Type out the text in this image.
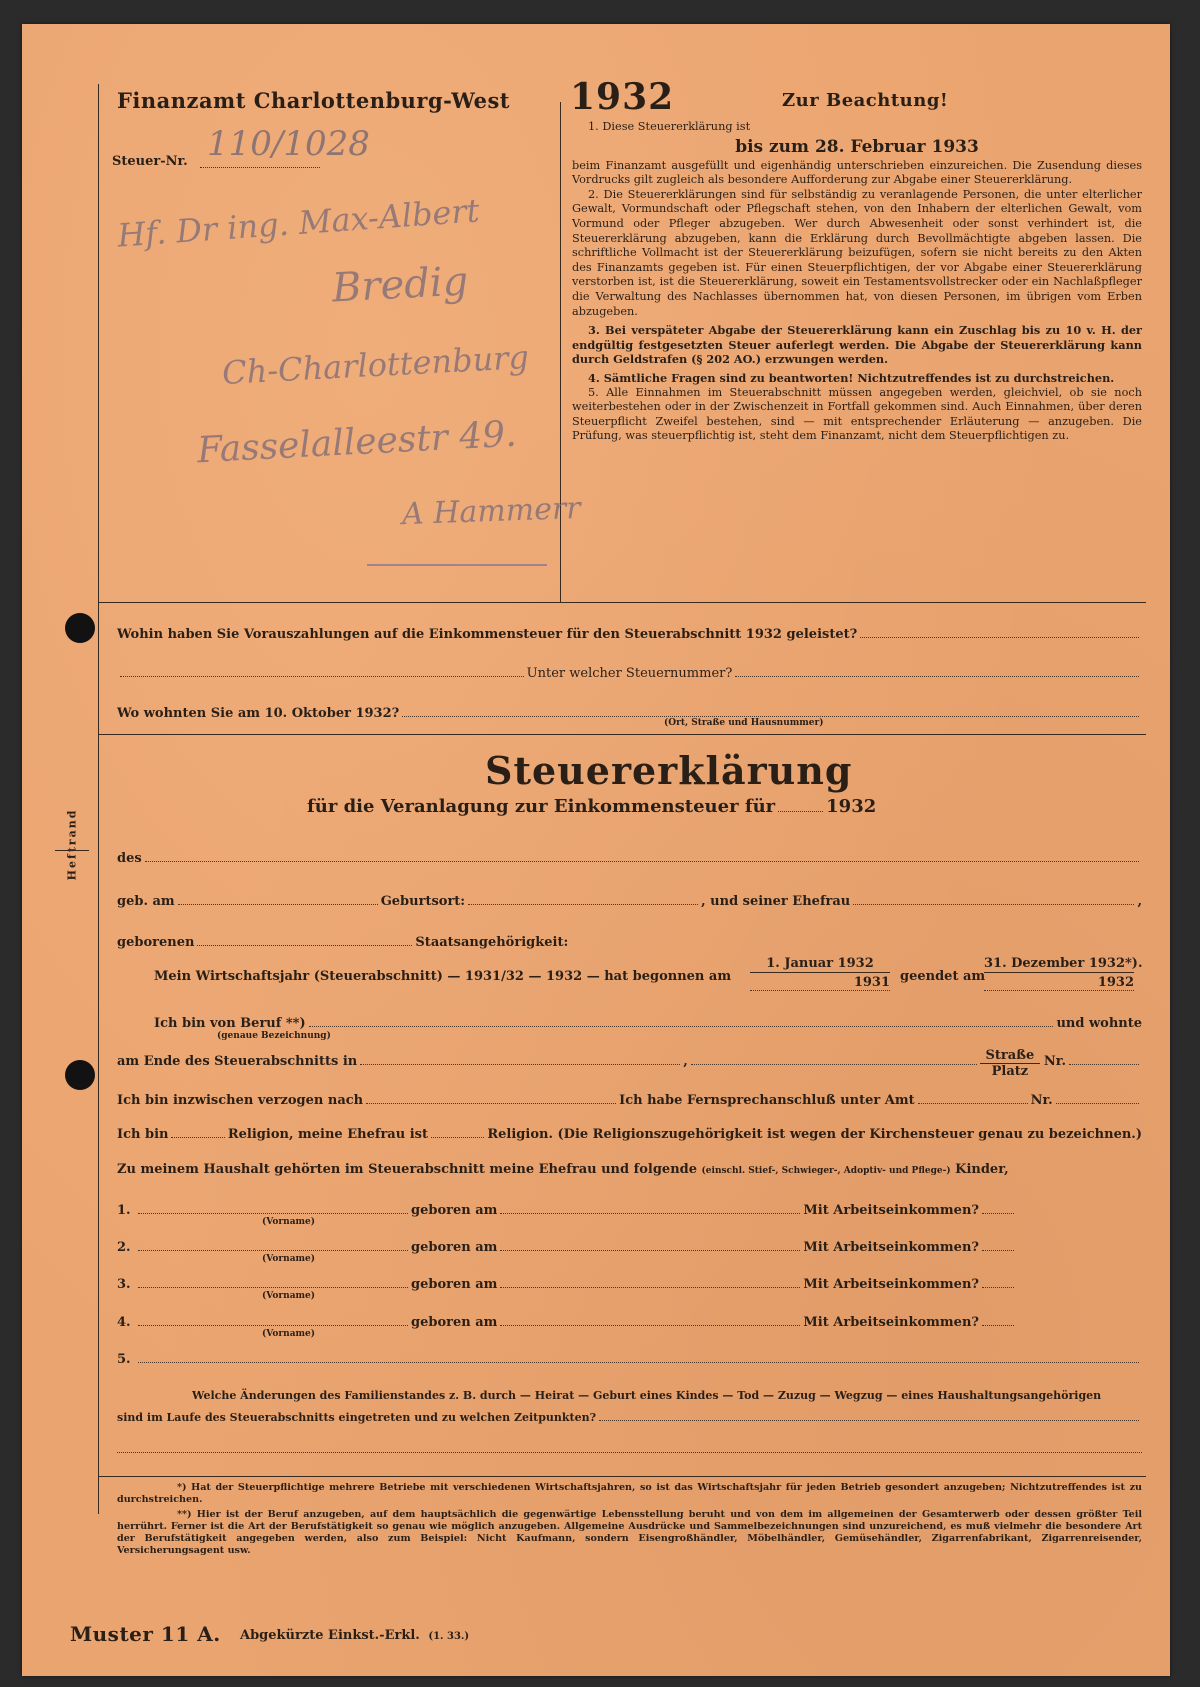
Heftrand
Finanzamt Charlottenburg-West
Steuer-Nr. 110/1028
Hf. Dr ing. Max-Albert
Bredig
Ch-Charlottenburg
Fasselalleestr 49.
A Hammerr
1932	Zur Beachtung!

1. Diese Steuererklärung ist

bis zum 28. Februar 1933

beim Finanzamt ausgefüllt und eigenhändig unterschrieben einzureichen. Die Zusendung dieses Vordrucks gilt zugleich als besondere Aufforderung zur Abgabe einer Steuererklärung.

2. Die Steuererklärungen sind für selbständig zu veranlagende Personen, die unter elterlicher Gewalt, Vormundschaft oder Pflegschaft stehen, von den Inhabern der elterlichen Gewalt, vom Vormund oder Pfleger abzugeben. Wer durch Abwesenheit oder sonst verhindert ist, die Steuererklärung abzugeben, kann die Erklärung durch Bevollmächtigte abgeben lassen. Die schriftliche Vollmacht ist der Steuererklärung beizufügen, sofern sie nicht bereits zu den Akten des Finanzamts gegeben ist. Für einen Steuerpflichtigen, der vor Abgabe einer Steuererklärung verstorben ist, ist die Steuererklärung, soweit ein Testamentsvollstrecker oder ein Nachlaßpfleger die Verwaltung des Nachlasses übernommen hat, von diesen Personen, im übrigen vom Erben abzugeben.

3. Bei verspäteter Abgabe der Steuererklärung kann ein Zuschlag bis zu 10 v. H. der endgültig festgesetzten Steuer auferlegt werden. Die Abgabe der Steuererklärung kann durch Geldstrafen (§ 202 AO.) erzwungen werden.

4. Sämtliche Fragen sind zu beantworten! Nichtzutreffendes ist zu durchstreichen.

5. Alle Einnahmen im Steuerabschnitt müssen angegeben werden, gleichviel, ob sie noch weiterbestehen oder in der Zwischenzeit in Fortfall gekommen sind. Auch Einnahmen, über deren Steuerpflicht Zweifel bestehen, sind — mit entsprechender Erläuterung — anzugeben. Die Prüfung, was steuerpflichtig ist, steht dem Finanzamt, nicht dem Steuerpflichtigen zu.

Wohin haben Sie Vorauszahlungen auf die Einkommensteuer für den Steuerabschnitt 1932 geleistet?
Unter welcher Steuernummer?
Wo wohnten Sie am 10. Oktober 1932?
(Ort, Straße und Hausnummer)
Steuererklärung
für die Veranlagung zur Einkommensteuer für	1932
des
geb. am	Geburtsort:	, und seiner Ehefrau	,
geborenen	Staatsangehörigkeit:
Mein Wirtschaftsjahr (Steuerabschnitt) — 1931/32 — 1932 — hat begonnen am
1. Januar 1932
1931 geendet am
31. Dezember 1932*).
1932
Ich bin von Beruf **)	und wohnte
(genaue Bezeichnung)
am Ende des Steuerabschnitts in	,	Straße
Platz
Nr.
Ich bin inzwischen verzogen nach	Ich habe Fernsprechanschluß unter Amt	Nr.
Ich bin	Religion, meine Ehefrau ist	Religion. (Die Religionszugehörigkeit ist wegen der Kirchensteuer genau zu bezeichnen.)
Zu meinem Haushalt gehörten im Steuerabschnitt meine Ehefrau und folgende (einschl. Stief-, Schwieger-, Adoptiv- und Pflege-) Kinder,
1.	geboren am	Mit Arbeitseinkommen?
(Vorname)
2.	geboren am	Mit Arbeitseinkommen?
(Vorname)
3.	geboren am	Mit Arbeitseinkommen?
(Vorname)
4.	geboren am	Mit Arbeitseinkommen?
(Vorname)
5.
Welche Änderungen des Familienstandes z. B. durch — Heirat — Geburt eines Kindes — Tod — Zuzug — Wegzug — eines Haushaltungsangehörigen
sind im Laufe des Steuerabschnitts eingetreten und zu welchen Zeitpunkten?

*) Hat der Steuerpflichtige mehrere Betriebe mit verschiedenen Wirtschaftsjahren, so ist das Wirtschaftsjahr für jeden Betrieb gesondert anzugeben; Nichtzutreffendes ist zu durchstreichen.

**) Hier ist der Beruf anzugeben, auf dem hauptsächlich die gegenwärtige Lebensstellung beruht und von dem im allgemeinen der Gesamterwerb oder dessen größter Teil herrührt. Ferner ist die Art der Berufstätigkeit so genau wie möglich anzugeben. Allgemeine Ausdrücke und Sammelbezeichnungen sind unzureichend, es muß vielmehr die besondere Art der Berufstätigkeit angegeben werden, also zum Beispiel: Nicht Kaufmann, sondern Eisengroßhändler, Möbelhändler, Gemüsehändler, Zigarrenfabrikant, Zigarrenreisender, Versicherungsagent usw.

Muster 11 A. Abgekürzte Einkst.-Erkl. (1. 33.)
